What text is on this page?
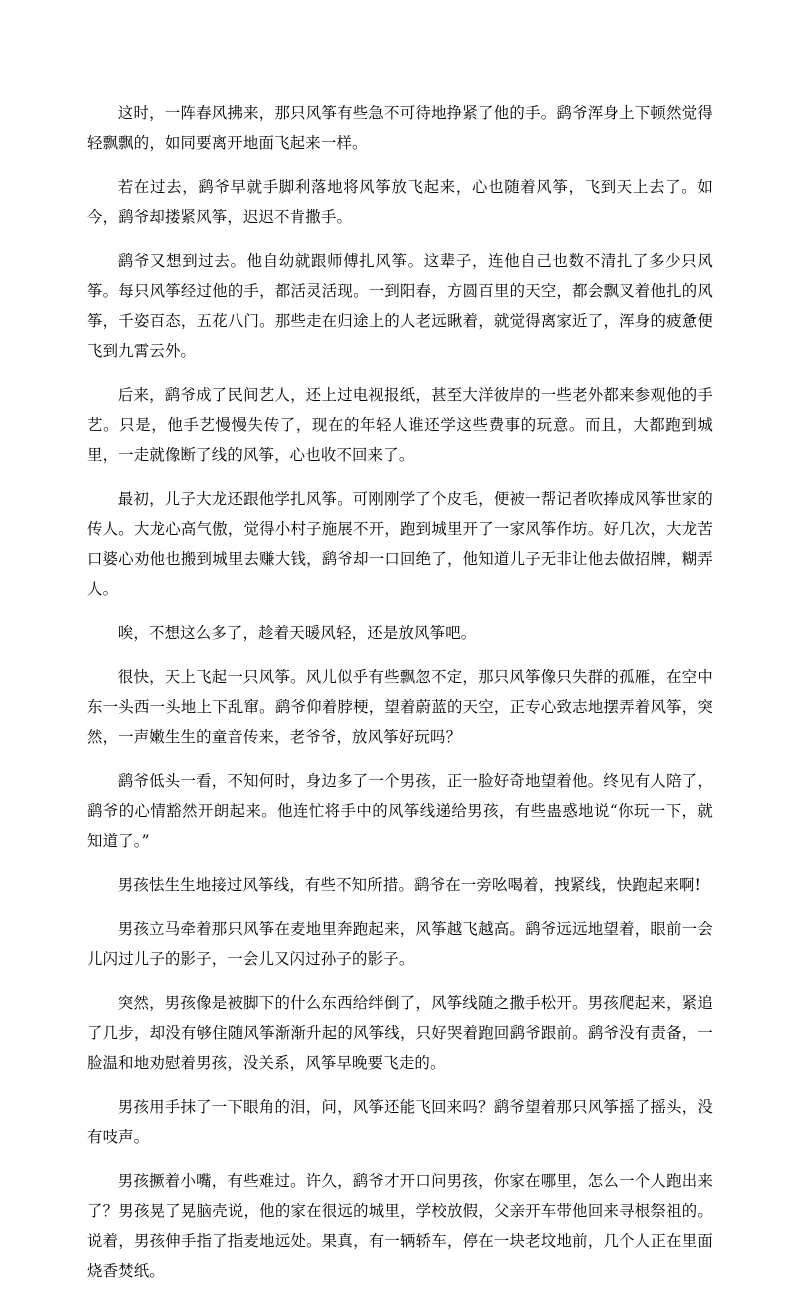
这时，一阵春风拂来，那只风筝有些急不可待地挣紧了他的手。鹞爷浑身上下顿然觉得轻飘飘的，如同要离开地面飞起来一样。

若在过去，鹞爷早就手脚利落地将风筝放飞起来，心也随着风筝，飞到天上去了。如今，鹞爷却搂紧风筝，迟迟不肯撒手。

鹞爷又想到过去。他自幼就跟师傅扎风筝。这辈子，连他自己也数不清扎了多少只风筝。每只风筝经过他的手，都活灵活现。一到阳春，方圆百里的天空，都会飘叉着他扎的风筝，千姿百态，五花八门。那些走在归途上的人老远瞅着，就觉得离家近了，浑身的疲惫便飞到九霄云外。

后来，鹞爷成了民间艺人，还上过电视报纸，甚至大洋彼岸的一些老外都来参观他的手艺。只是，他手艺慢慢失传了，现在的年轻人谁还学这些费事的玩意。而且，大都跑到城里，一走就像断了线的风筝，心也收不回来了。

最初，儿子大龙还跟他学扎风筝。可刚刚学了个皮毛，便被一帮记者吹捧成风筝世家的传人。大龙心高气傲，觉得小村子施展不开，跑到城里开了一家风筝作坊。好几次，大龙苦口婆心劝他也搬到城里去赚大钱，鹞爷却一口回绝了，他知道儿子无非让他去做招牌，糊弄人。

唉，不想这么多了，趁着天暖风轻，还是放风筝吧。

很快，天上飞起一只风筝。风儿似乎有些飘忽不定，那只风筝像只失群的孤雁，在空中东一头西一头地上下乱窜。鹞爷仰着脖梗，望着蔚蓝的天空，正专心致志地摆弄着风筝，突然，一声嫩生生的童音传来，老爷爷，放风筝好玩吗？

鹞爷低头一看，不知何时，身边多了一个男孩，正一脸好奇地望着他。终见有人陪了，鹞爷的心情豁然开朗起来。他连忙将手中的风筝线递给男孩，有些蛊惑地说“你玩一下，就知道了。”

男孩怯生生地接过风筝线，有些不知所措。鹞爷在一旁吆喝着，拽紧线，快跑起来啊!

男孩立马牵着那只风筝在麦地里奔跑起来，风筝越飞越高。鹞爷远远地望着，眼前一会儿闪过儿子的影子，一会儿又闪过孙子的影子。

突然，男孩像是被脚下的什么东西给绊倒了，风筝线随之撒手松开。男孩爬起来，紧追了几步，却没有够住随风筝渐渐升起的风筝线，只好哭着跑回鹞爷跟前。鹞爷没有责备，一脸温和地劝慰着男孩，没关系，风筝早晚要飞走的。

男孩用手抹了一下眼角的泪，问，风筝还能飞回来吗？鹞爷望着那只风筝摇了摇头，没有吱声。

男孩撅着小嘴，有些难过。许久，鹞爷才开口问男孩，你家在哪里，怎么一个人跑出来了？男孩晃了晃脑壳说，他的家在很远的城里，学校放假，父亲开车带他回来寻根祭祖的。说着，男孩伸手指了指麦地远处。果真，有一辆轿车，停在一块老坟地前，几个人正在里面烧香焚纸。
